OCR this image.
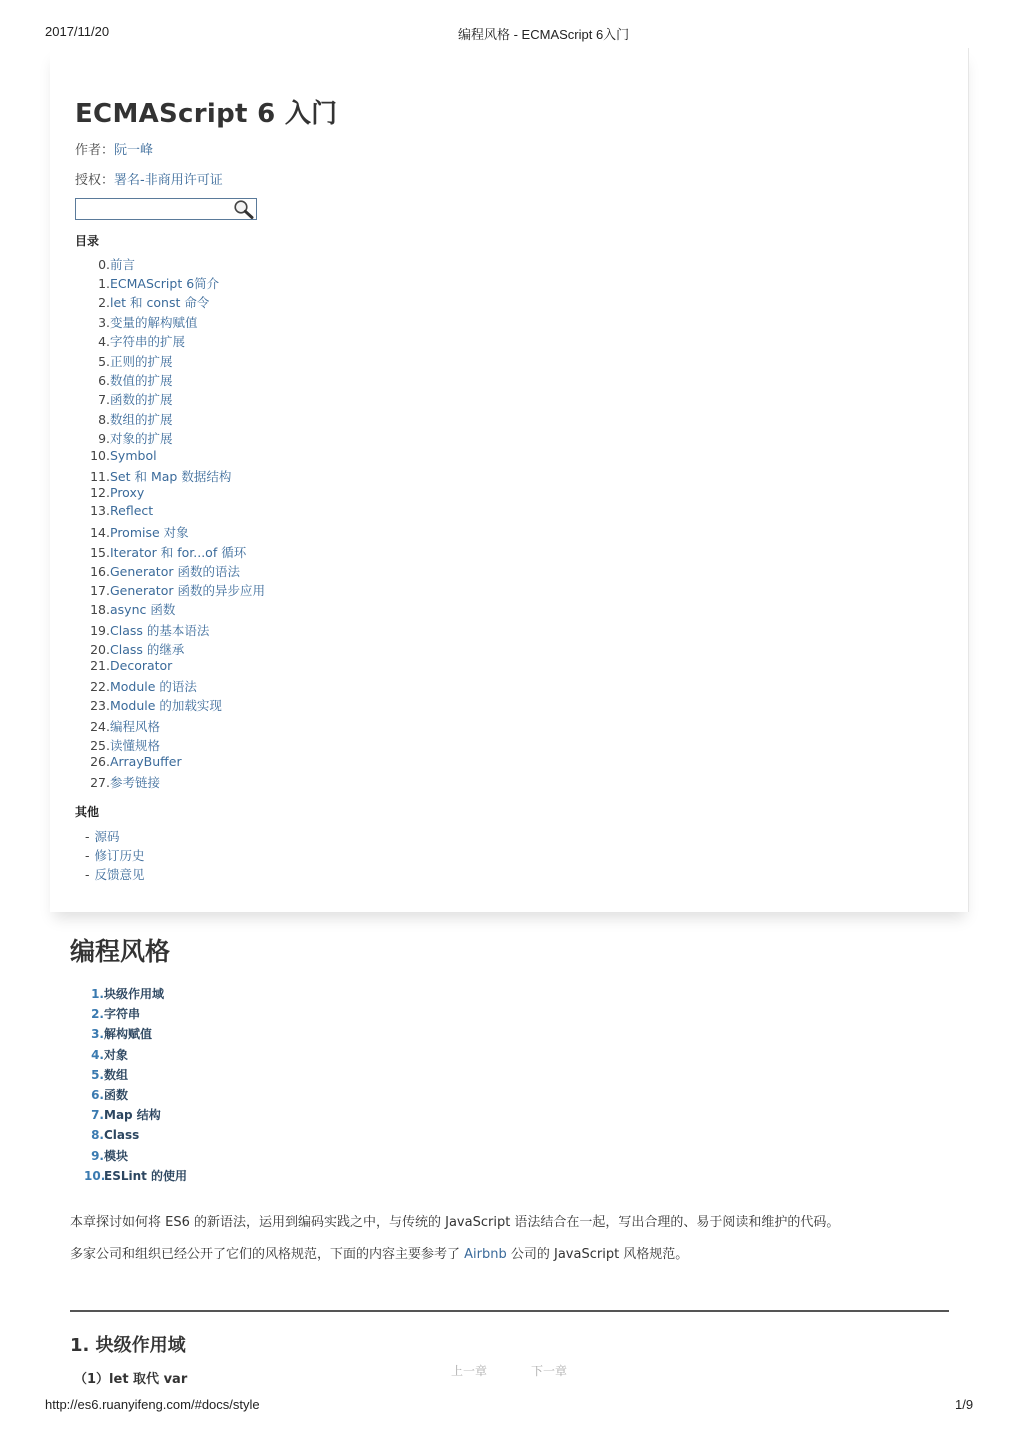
2017/11/20	编程风格 - ECMAScript 6入门
ECMAScript 6 入门
作者：阮一峰
授权：署名-非商用许可证
目录
0.前言
1.ECMAScript 6简介
2.let 和 const 命令
3.变量的解构赋值
4.字符串的扩展
5.正则的扩展
6.数值的扩展
7.函数的扩展
8.数组的扩展
9.对象的扩展
10.Symbol
11.Set 和 Map 数据结构
12.Proxy
13.Reflect
14.Promise 对象
15.Iterator 和 for...of 循环
16.Generator 函数的语法
17.Generator 函数的异步应用
18.async 函数
19.Class 的基本语法
20.Class 的继承
21.Decorator
22.Module 的语法
23.Module 的加载实现
24.编程风格
25.读懂规格
26.ArrayBuffer
27.参考链接
其他
- 源码
- 修订历史
- 反馈意见
编程风格
1.块级作用域
2.字符串
3.解构赋值
4.对象
5.数组
6.函数
7.Map 结构
8.Class
9.模块
10.ESLint 的使用

本章探讨如何将 ES6 的新语法，运用到编码实践之中，与传统的 JavaScript 语法结合在一起，写出合理的、易于阅读和维护的代码。

多家公司和组织已经公开了它们的风格规范，下面的内容主要参考了 Airbnb 公司的 JavaScript 风格规范。

1. 块级作用域
（1）let 取代 var
上一章	下一章
http://es6.ruanyifeng.com/#docs/style	1/9
